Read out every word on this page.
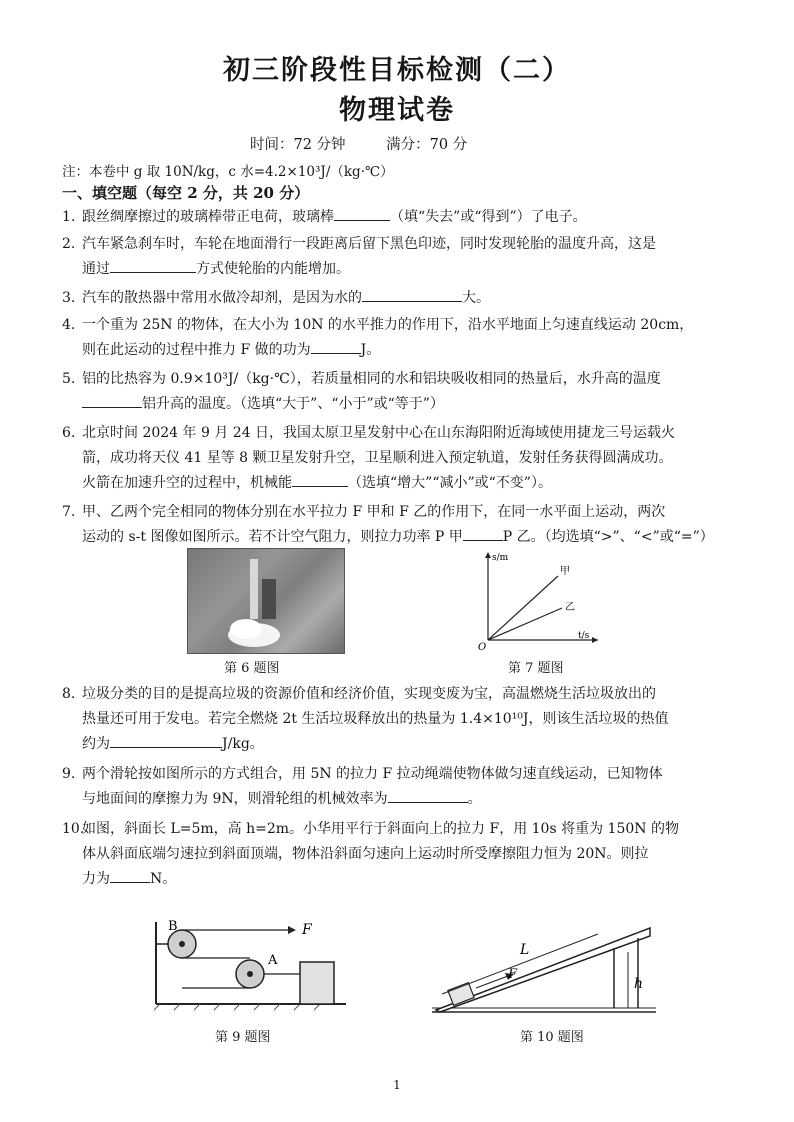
初三阶段性目标检测（二）
物理试卷
时间：72 分钟	满分：70 分
注：本卷中 g 取 10N/kg，c 水=4.2×10³J/（kg·℃）
一、填空题（每空 2 分，共 20 分）
1. 跟丝绸摩擦过的玻璃棒带正电荷，玻璃棒	（填“失去”或“得到”）了电子。
2. 汽车紧急刹车时，车轮在地面滑行一段距离后留下黑色印迹，同时发现轮胎的温度升高，这是
通过	方式使轮胎的内能增加。
3. 汽车的散热器中常用水做冷却剂，是因为水的	大。
4. 一个重为 25N 的物体，在大小为 10N 的水平推力的作用下，沿水平地面上匀速直线运动 20cm，
则在此运动的过程中推力 F 做的功为	J。
5. 铝的比热容为 0.9×10³J/（kg·℃），若质量相同的水和铝块吸收相同的热量后，水升高的温度
铝升高的温度。（选填“大于”、“小于”或“等于”）
6. 北京时间 2024 年 9 月 24 日，我国太原卫星发射中心在山东海阳附近海域使用捷龙三号运载火
箭，成功将天仪 41 星等 8 颗卫星发射升空，卫星顺利进入预定轨道，发射任务获得圆满成功。
火箭在加速升空的过程中，机械能	（选填“增大”“减小”或“不变”）。
7. 甲、乙两个完全相同的物体分别在水平拉力 F 甲和 F 乙的作用下，在同一水平面上运动，两次
运动的 s-t 图像如图所示。若不计空气阻力，则拉力功率 P 甲	P 乙。（均选填“>”、“<”或“=”）
第 6 题图
s/m
t/s
O
甲
乙
第 7 题图
8. 垃圾分类的目的是提高垃圾的资源价值和经济价值，实现变废为宝，高温燃烧生活垃圾放出的
热量还可用于发电。若完全燃烧 2t 生活垃圾释放出的热量为 1.4×10¹⁰J，则该生活垃圾的热值
约为	J/kg。
9. 两个滑轮按如图所示的方式组合，用 5N 的拉力 F 拉动绳端使物体做匀速直线运动，已知物体
与地面间的摩擦力为 9N，则滑轮组的机械效率为	。
10.如图，斜面长 L=5m，高 h=2m。小华用平行于斜面向上的拉力 F，用 10s 将重为 150N 的物
体从斜面底端匀速拉到斜面顶端，物体沿斜面匀速向上运动时所受摩擦阻力恒为 20N。则拉
力为	N。
B
A
F
第 9 题图
L
F
h
第 10 题图
1
